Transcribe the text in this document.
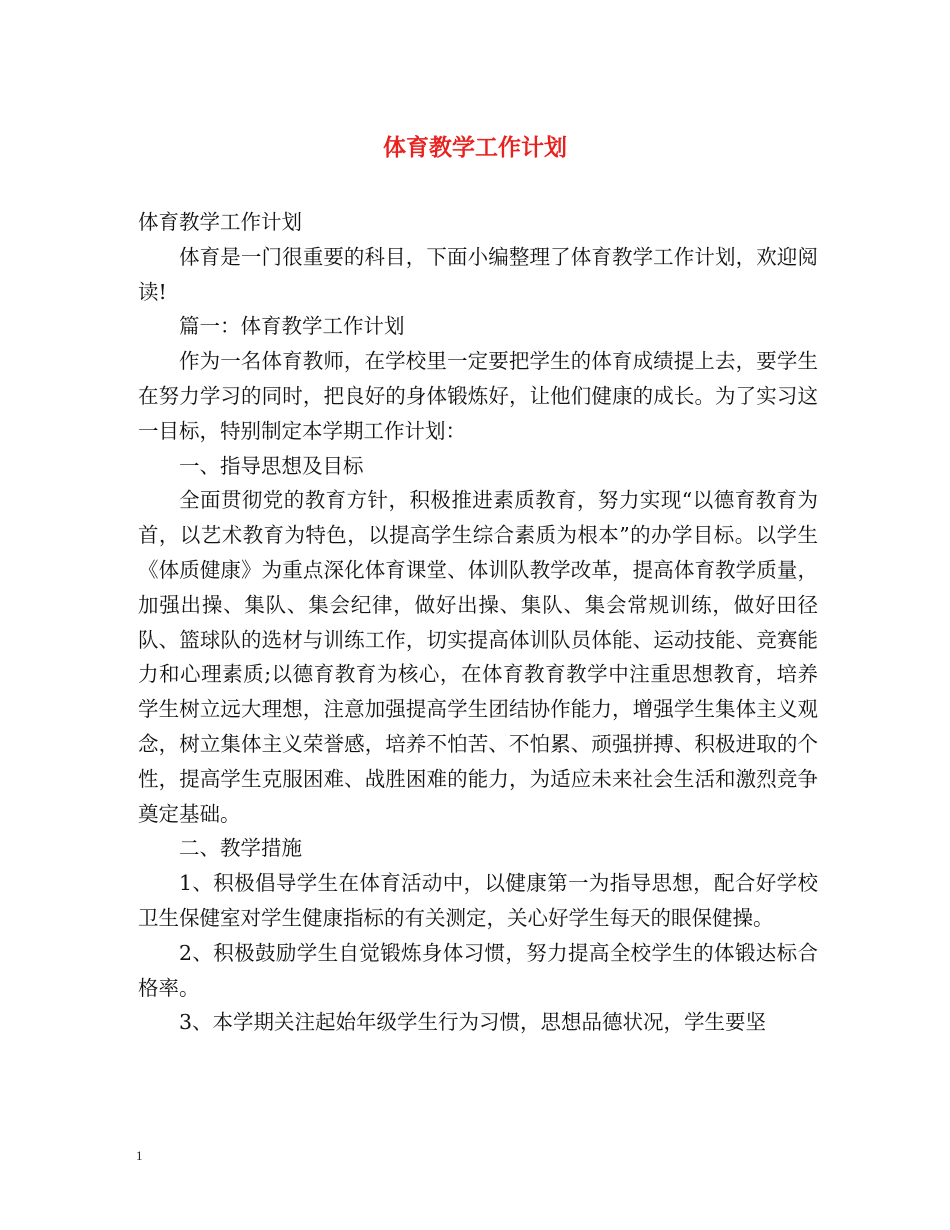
体育教学工作计划

体育教学工作计划

体育是一门很重要的科目，下面小编整理了体育教学工作计划，欢迎阅读!

篇一：体育教学工作计划

作为一名体育教师，在学校里一定要把学生的体育成绩提上去，要学生在努力学习的同时，把良好的身体锻炼好，让他们健康的成长。为了实习这一目标，特别制定本学期工作计划：

一、指导思想及目标

全面贯彻党的教育方针，积极推进素质教育，努力实现“以德育教育为首，以艺术教育为特色，以提高学生综合素质为根本”的办学目标。以学生《体质健康》为重点深化体育课堂、体训队教学改革，提高体育教学质量，加强出操、集队、集会纪律，做好出操、集队、集会常规训练，做好田径队、篮球队的选材与训练工作，切实提高体训队员体能、运动技能、竞赛能力和心理素质;以德育教育为核心，在体育教育教学中注重思想教育，培养学生树立远大理想，注意加强提高学生团结协作能力，增强学生集体主义观念，树立集体主义荣誉感，培养不怕苦、不怕累、顽强拼搏、积极进取的个性，提高学生克服困难、战胜困难的能力，为适应未来社会生活和激烈竞争奠定基础。

二、教学措施

1、积极倡导学生在体育活动中，以健康第一为指导思想，配合好学校卫生保健室对学生健康指标的有关测定，关心好学生每天的眼保健操。

2、积极鼓励学生自觉锻炼身体习惯，努力提高全校学生的体锻达标合格率。

3、本学期关注起始年级学生行为习惯，思想品德状况，学生要坚

1
